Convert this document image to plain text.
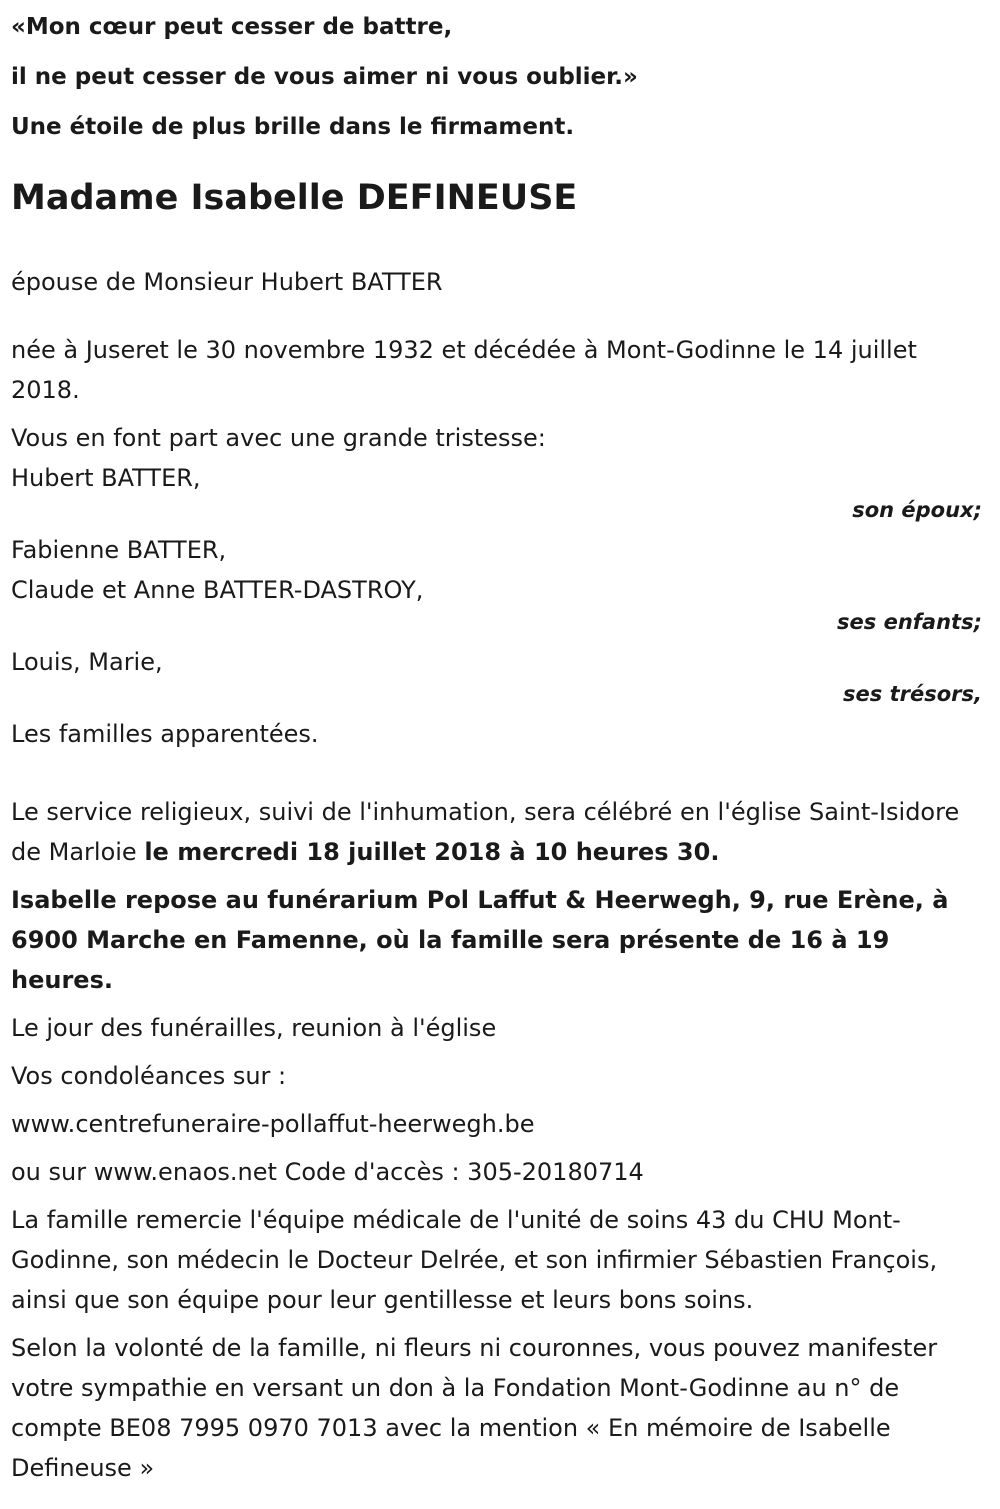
«Mon cœur peut cesser de battre,

il ne peut cesser de vous aimer ni vous oublier.»

Une étoile de plus brille dans le firmament.

Madame Isabelle DEFINEUSE

épouse de Monsieur Hubert BATTER

née à Juseret le 30 novembre 1932 et décédée à Mont-Godinne le 14 juillet 2018.

Vous en font part avec une grande tristesse:

Hubert BATTER,

son époux;

Fabienne BATTER,

Claude et Anne BATTER-DASTROY,

ses enfants;

Louis, Marie,

ses trésors,

Les familles apparentées.

Le service religieux, suivi de l'inhumation, sera célébré en l'église Saint-Isidore de Marloie le mercredi 18 juillet 2018 à 10 heures 30.

Isabelle repose au funérarium Pol Laffut & Heerwegh, 9, rue Erène, à 6900 Marche en Famenne, où la famille sera présente de 16 à 19 heures.

Le jour des funérailles, reunion à l'église

Vos condoléances sur :

www.centrefuneraire-pollaffut-heerwegh.be

ou sur www.enaos.net Code d'accès : 305-20180714

La famille remercie l'équipe médicale de l'unité de soins 43 du CHU Mont-Godinne, son médecin le Docteur Delrée, et son infirmier Sébastien François, ainsi que son équipe pour leur gentillesse et leurs bons soins.

Selon la volonté de la famille, ni fleurs ni couronnes, vous pouvez manifester votre sympathie en versant un don à la Fondation Mont-Godinne au n° de compte BE08 7995 0970 7013 avec la mention « En mémoire de Isabelle Defineuse »
